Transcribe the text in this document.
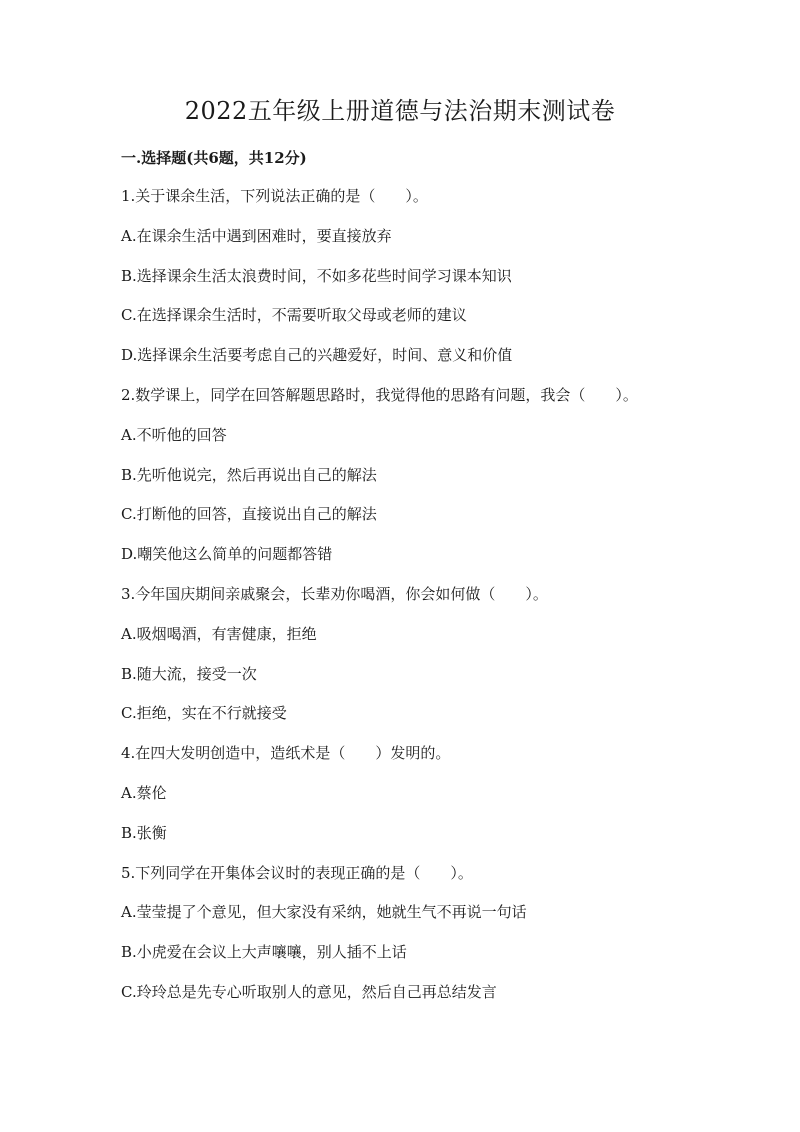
2022五年级上册道德与法治期末测试卷
一.选择题(共6题，共12分)
1.关于课余生活，下列说法正确的是（　　）。
A.在课余生活中遇到困难时，要直接放弃
B.选择课余生活太浪费时间，不如多花些时间学习课本知识
C.在选择课余生活时，不需要听取父母或老师的建议
D.选择课余生活要考虑自己的兴趣爱好，时间、意义和价值
2.数学课上，同学在回答解题思路时，我觉得他的思路有问题，我会（　　）。
A.不听他的回答
B.先听他说完，然后再说出自己的解法
C.打断他的回答，直接说出自己的解法
D.嘲笑他这么简单的问题都答错
3.今年国庆期间亲戚聚会，长辈劝你喝酒，你会如何做（　　）。
A.吸烟喝酒，有害健康，拒绝
B.随大流，接受一次
C.拒绝，实在不行就接受
4.在四大发明创造中，造纸术是（　　）发明的。
A.蔡伦
B.张衡
5.下列同学在开集体会议时的表现正确的是（　　）。
A.莹莹提了个意见，但大家没有采纳，她就生气不再说一句话
B.小虎爱在会议上大声嚷嚷，别人插不上话
C.玲玲总是先专心听取别人的意见，然后自己再总结发言
